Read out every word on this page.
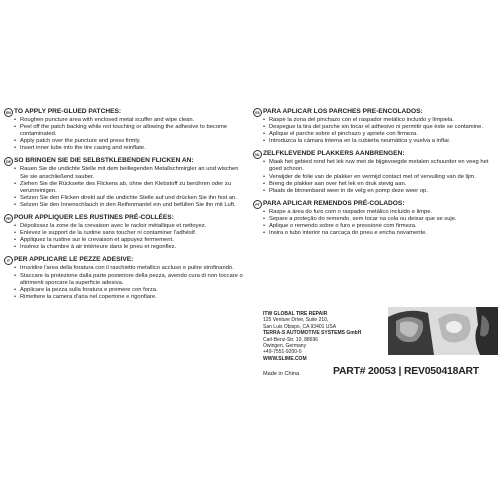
EN TO APPLY PRE-GLUED PATCHES:
• Roughen puncture area with enclosed metal scuffer and wipe clean.
• Peel off the patch backing while not touching or allowing the adhesive to become contaminated.
• Apply patch over the puncture and press firmly.
• Insert inner tube into the tire casing and reinflate.
DE SO BRINGEN SIE DIE SELBSTKLEBENDEN FLICKEN AN:
• Rauen Sie die undichte Stelle mit dem beiliegenden Metallschmirgler an und wischen Sie sie anschließend sauber.
• Ziehen Sie die Rückseite des Flickens ab, ohne den Klebstoff zu berühren oder zu verunreinigen.
• Setzen Sie den Flicken direkt auf die undichte Stelle auf und drücken Sie ihn fest an.
• Setzen Sie den Innenschlauch in den Reifenmantel ein und befüllen Sie ihn mit Luft.
FR POUR APPLIQUER LES RUSTINES PRÉ-COLLÉES:
• Dépolissez la zone de la crevaison avec le racloir métallique et nettoyez.
• Enlevez le support de la rustine sans toucher ni contaminer l'adhésif.
• Appliquez la rustine sur le crevaison et appuyez fermement.
• Insérez la chambre à air intérieure dans le pneu et regonflez.
IT PER APPLICARE LE PEZZE ADESIVE:
• Irruvidire l'area della foratura con il raschietto metallico accluso e pulire strofinando.
• Staccare la protezione dalla parte posteriore della pezza, avendo cura di non toccare o altrimenti sporcare la superficie adesiva.
• Applicare la pezza sulla foratura e premere con forza.
• Rimettere la camera d'aria nel copertone e rigonfiare.
ES PARA APLICAR LOS PARCHES PRE-ENCOLADOS:
• Raspe la zona del pinchazo con el raspador metálico incluido y límpiela.
• Despegue la tira del parche sin tocar el adhesivo ni permitir que éste se contamine.
• Aplique el parche sobre el pinchazo y apriete con firmeza.
• Introduzca la cámara interna en la cubierta neumática y vuelva a inflar.
NL ZELFKLEVENDE PLAKKERS AANBRENGEN:
• Maak het gebied rond het lek ruw met de bijgevoegde metalen schuurder en veeg het goed schoon.
• Verwijder de folie van de plakker en vermijd contact met of vervuiling van de lijm.
• Breng de plakker aan over het lek en druk stevig aan.
• Plaats de binnenband weer in de velg en pomp deze weer op.
PT PARA APLICAR REMENDOS PRÉ-COLADOS:
• Raspe a área do furo com o raspador metálico incluído e limpe.
• Separe a proteção do remendo, sem tocar na cola ou deixar que se suje.
• Aplique o remendo sobre o furo e pressione com firmeza.
• Insira o tubo interior na carcaça do pneu e encha novamente.
ITW GLOBAL TIRE REPAIR
125 Venture Drive, Suite 210,
San Luis Obispo, CA 93401 USA
TERRA-S AUTOMOTIVE SYSTEMS GmbH
Carl-Benz-Str. 10, 88696
Owingen, Germany
+49-7551-9200-0
WWW.SLIME.COM
Made in China	PART# 20053 | REV050418ART
